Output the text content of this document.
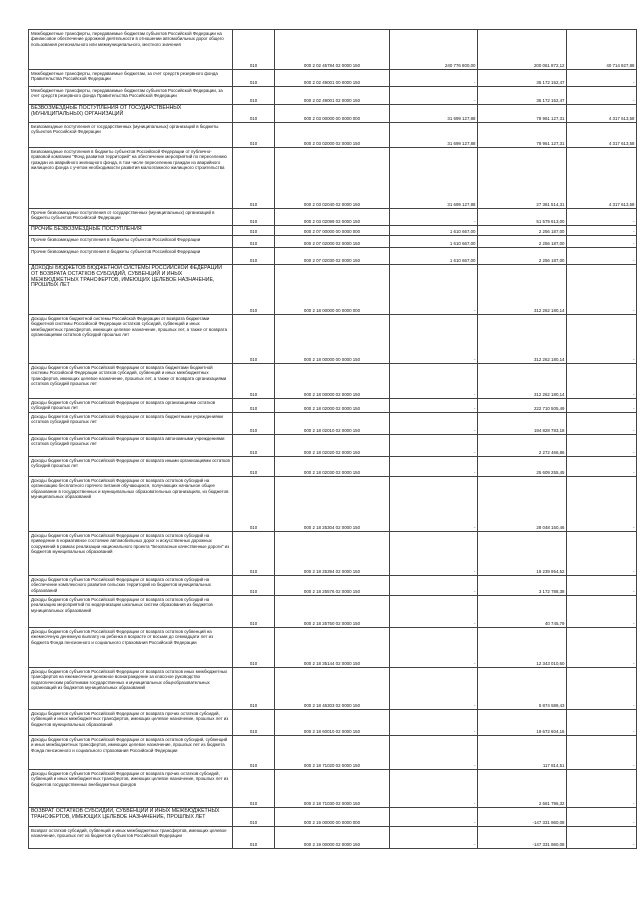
Межбюджетные трансферты, передаваемые бюджетам субъектов Российской Федерации на финансовое обеспечение дорожной деятельности в отношении автомобильных дорог общего пользования регионального или межмуниципального, местного значения	010	000 2 02 45784 02 0000 150	240 776 800,00	200 061 872,12	40 714 927,88
Межбюджетные трансферты, передаваемые бюджетам, за счет средств резервного фонда Правительства Российской Федерации	010	000 2 02 49001 00 0000 150	-	35 172 152,47	-
Межбюджетные трансферты, передаваемые бюджетам субъектов Российской Федерации, за счет средств резервного фонда Правительства Российской Федерации	010	000 2 02 49001 02 0000 150	-	35 172 152,47	-
БЕЗВОЗМЕЗДНЫЕ ПОСТУПЛЕНИЯ ОТ ГОСУДАРСТВЕННЫХ (МУНИЦИПАЛЬНЫХ) ОРГАНИЗАЦИЙ	010	000 2 03 00000 00 0000 000	31 699 127,88	78 961 127,31	4 317 613,58
Безвозмездные поступления от государственных (муниципальных) организаций в бюджеты субъектов Российской Федерации	010	000 2 03 02000 02 0000 150	31 699 127,88	78 961 127,31	4 317 613,58
Безвозмездные поступления в бюджеты субъектов Российской Федерации от публично-правовой компании "Фонд развития территорий" на обеспечение мероприятий по переселению граждан из аварийного жилищного фонда, в том числе переселению граждан из аварийного жилищного фонда с учетом необходимости развития малоэтажного жилищного строительства	010	000 2 03 02040 02 0000 150	31 699 127,88	27 381 514,31	4 317 613,58
Прочие безвозмездные поступления от государственных (муниципальных) организаций в бюджеты субъектов Российской Федерации	010	000 2 03 02099 02 0000 150	-	51 579 613,00	-
ПРОЧИЕ БЕЗВОЗМЕЗДНЫЕ ПОСТУПЛЕНИЯ	010	000 2 07 00000 00 0000 000	1 610 667,00	2 256 187,00	-
Прочие безвозмездные поступления в бюджеты субъектов Российской Федерации	010	000 2 07 02000 02 0000 150	1 610 667,00	2 256 187,00	-
Прочие безвозмездные поступления в бюджеты субъектов Российской Федерации	010	000 2 07 02030 02 0000 150	1 610 667,00	2 256 187,00	-
ДОХОДЫ БЮДЖЕТОВ БЮДЖЕТНОЙ СИСТЕМЫ РОССИЙСКОЙ ФЕДЕРАЦИИ ОТ ВОЗВРАТА ОСТАТКОВ СУБСИДИЙ, СУБВЕНЦИЙ И ИНЫХ МЕЖБЮДЖЕТНЫХ ТРАНСФЕРТОВ, ИМЕЮЩИХ ЦЕЛЕВОЕ НАЗНАЧЕНИЕ, ПРОШЛЫХ ЛЕТ	010	000 2 18 00000 00 0000 000	-	312 262 180,14	-
Доходы бюджетов бюджетной системы Российской Федерации от возврата бюджетами бюджетной системы Российской Федерации остатков субсидий, субвенций и иных межбюджетных трансфертов, имеющих целевое назначение, прошлых лет, а также от возврата организациями остатков субсидий прошлых лет	010	000 2 18 00000 00 0000 150	-	312 262 180,14	-
Доходы бюджетов субъектов Российской Федерации от возврата бюджетами бюджетной системы Российской Федерации остатков субсидий, субвенций и иных межбюджетных трансфертов, имеющих целевое назначение, прошлых лет, а также от возврата организациями остатков субсидий прошлых лет	010	000 2 18 00000 02 0000 150	-	312 262 180,14	-
Доходы бюджетов субъектов Российской Федерации от возврата организациями остатков субсидий прошлых лет	010	000 2 18 02000 02 0000 150	-	222 710 505,49	-
Доходы бюджетов субъектов Российской Федерации от возврата бюджетными учреждениями остатков субсидий прошлых лет	010	000 2 18 02010 02 0000 150	-	194 828 783,18	-
Доходы бюджетов субъектов Российской Федерации от возврата автономными учреждениями остатков субсидий прошлых лет	010	000 2 18 02020 02 0000 150	-	2 272 466,86	-
Доходы бюджетов субъектов Российской Федерации от возврата иными организациями остатков субсидий прошлых лет	010	000 2 18 02030 02 0000 150	-	25 609 255,45	-
Доходы бюджетов субъектов Российской Федерации от возврата остатков субсидий на организацию бесплатного горячего питания обучающихся, получающих начальное общее образование в государственных и муниципальных образовательных организациях, из бюджетов муниципальных образований	010	000 2 18 25304 02 0000 150	-	28 048 150,46	-
Доходы бюджетов субъектов Российской Федерации от возврата остатков субсидий на приведение в нормативное состояние автомобильных дорог и искусственных дорожных сооружений в рамках реализации национального проекта "Безопасные качественные дороги" из бюджетов муниципальных образований	010	000 2 18 25394 02 0000 150	-	18 239 954,52	-
Доходы бюджетов субъектов Российской Федерации от возврата остатков субсидий на обеспечение комплексного развития сельских территорий из бюджетов муниципальных образований	010	000 2 18 25576 02 0000 150	-	3 172 788,38	-
Доходы бюджетов субъектов Российской Федерации от возврата остатков субсидий на реализацию мероприятий по модернизации школьных систем образования из бюджетов муниципальных образований	010	000 2 18 25750 02 0000 150	-	40 745,79	-
Доходы бюджетов субъектов Российской Федерации от возврата остатков субвенций на ежемесячную денежную выплату на ребенка в возрасте от восьми до семнадцати лет из бюджета Фонда пенсионного и социального страхования Российской Федерации	010	000 2 18 35144 02 0000 150	-	12 343 010,60	-
Доходы бюджетов субъектов Российской Федерации от возврата остатков иных межбюджетных трансфертов на ежемесячное денежное вознаграждение за классное руководство педагогическим работникам государственных и муниципальных общеобразовательных организаций из бюджетов муниципальных образований	010	000 2 18 45303 02 0000 150	-	5 874 589,43	-
Доходы бюджетов субъектов Российской Федерации от возврата прочих остатков субсидий, субвенций и иных межбюджетных трансфертов, имеющих целевое назначение, прошлых лет из бюджетов муниципальных образований	010	000 2 18 60010 02 0000 150	-	19 672 604,16	-
Доходы бюджетов субъектов Российской Федерации от возврата остатков субсидий, субвенций и иных межбюджетных трансфертов, имеющих целевое назначение, прошлых лет из бюджета Фонда пенсионного и социального страхования Российской Федерации	010	000 2 18 71020 02 0000 150	-	117 814,51	-
Доходы бюджетов субъектов Российской Федерации от возврата прочих остатков субсидий, субвенций и иных межбюджетных трансфертов, имеющих целевое назначение, прошлых лет из бюджетов государственных внебюджетных фондов	010	000 2 18 71030 02 0000 150	-	2 661 796,32	-
ВОЗВРАТ ОСТАТКОВ СУБСИДИЙ, СУБВЕНЦИЙ И ИНЫХ МЕЖБЮДЖЕТНЫХ ТРАНСФЕРТОВ, ИМЕЮЩИХ ЦЕЛЕВОЕ НАЗНАЧЕНИЕ, ПРОШЛЫХ ЛЕТ	010	000 2 19 00000 00 0000 000	-	-147 331 860,08	-
Возврат остатков субсидий, субвенций и иных межбюджетных трансфертов, имеющих целевое назначение, прошлых лет из бюджетов субъектов Российской Федерации	010	000 2 19 00000 02 0000 150	-	-147 331 860,08	-
